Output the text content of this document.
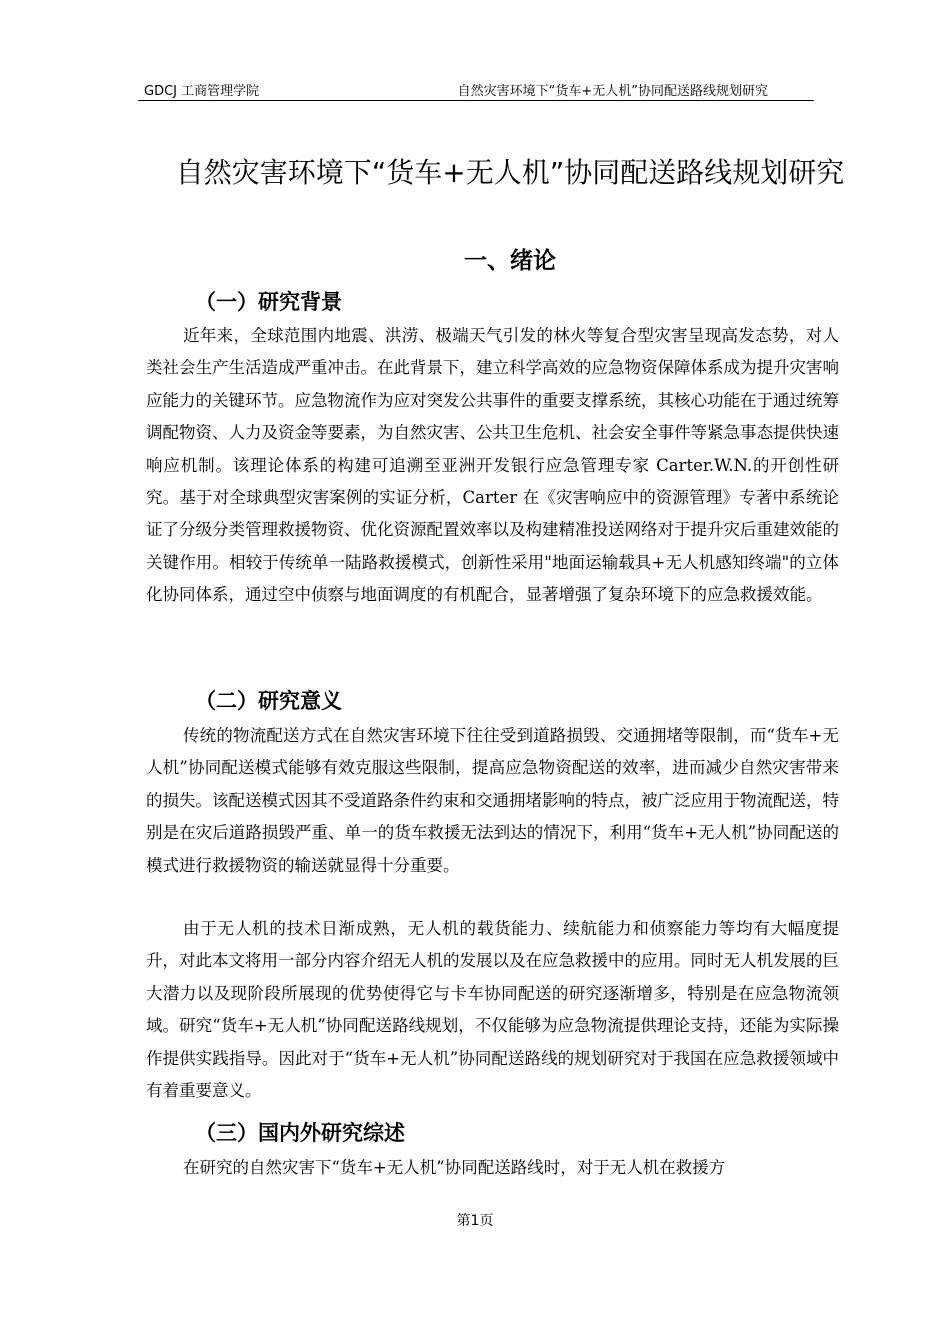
GDCJ 工商管理学院	自然灾害环境下“货车+无人机”协同配送路线规划研究
自然灾害环境下“货车+无人机”协同配送路线规划研究
一、绪论
（一）研究背景

近年来，全球范围内地震、洪涝、极端天气引发的林火等复合型灾害呈现高发态势，对人类社会生产生活造成严重冲击。在此背景下，建立科学高效的应急物资保障体系成为提升灾害响应能力的关键环节。应急物流作为应对突发公共事件的重要支撑系统，其核心功能在于通过统筹调配物资、人力及资金等要素，为自然灾害、公共卫生危机、社会安全事件等紧急事态提供快速响应机制。该理论体系的构建可追溯至亚洲开发银行应急管理专家 Carter.W.N.的开创性研究。基于对全球典型灾害案例的实证分析，Carter 在《灾害响应中的资源管理》专著中系统论证了分级分类管理救援物资、优化资源配置效率以及构建精准投送网络对于提升灾后重建效能的关键作用。相较于传统单一陆路救援模式，创新性采用"地面运输载具+无人机感知终端"的立体化协同体系，通过空中侦察与地面调度的有机配合，显著增强了复杂环境下的应急救援效能。

（二）研究意义

传统的物流配送方式在自然灾害环境下往往受到道路损毁、交通拥堵等限制，而“货车+无人机”协同配送模式能够有效克服这些限制，提高应急物资配送的效率，进而减少自然灾害带来的损失。该配送模式因其不受道路条件约束和交通拥堵影响的特点，被广泛应用于物流配送，特别是在灾后道路损毁严重、单一的货车救援无法到达的情况下，利用“货车+无人机”协同配送的模式进行救援物资的输送就显得十分重要。

由于无人机的技术日渐成熟，无人机的载货能力、续航能力和侦察能力等均有大幅度提升，对此本文将用一部分内容介绍无人机的发展以及在应急救援中的应用。同时无人机发展的巨大潜力以及现阶段所展现的优势使得它与卡车协同配送的研究逐渐增多，特别是在应急物流领域。研究“货车+无人机”协同配送路线规划，不仅能够为应急物流提供理论支持，还能为实际操作提供实践指导。因此对于“货车+无人机”协同配送路线的规划研究对于我国在应急救援领域中有着重要意义。

（三）国内外研究综述

在研究的自然灾害下“货车+无人机”协同配送路线时，对于无人机在救援方

第1页
